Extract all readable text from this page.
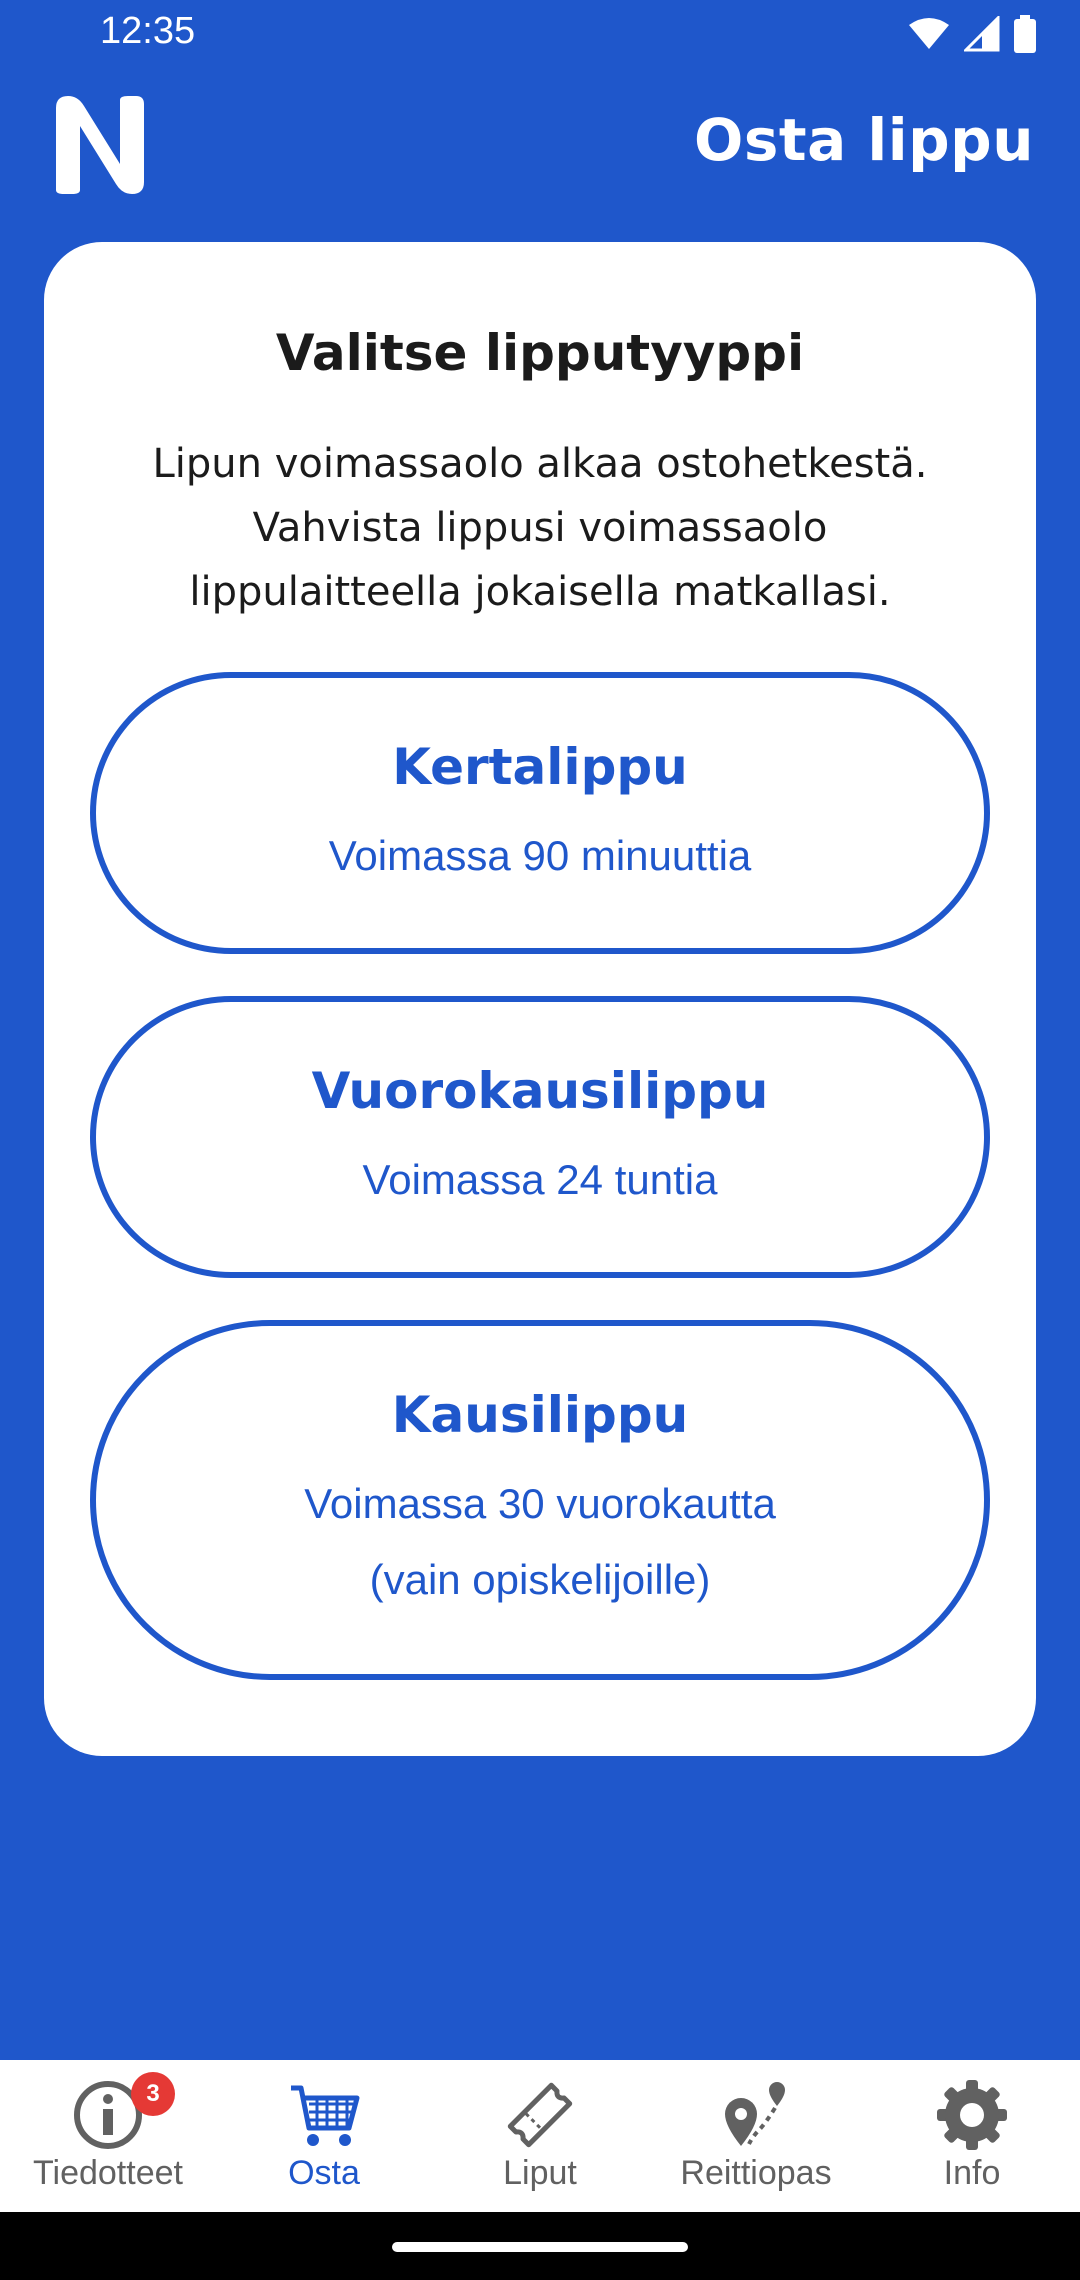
12:35
Osta lippu
Valitse lipputyyppi
Lipun voimassaolo alkaa ostohetkestä.
Vahvista lippusi voimassaolo
lippulaitteella jokaisella matkallasi.
Kertalippu
Voimassa 90 minuuttia
Vuorokausilippu
Voimassa 24 tuntia
Kausilippu
Voimassa 30 vuorokautta
(vain opiskelijoille)
3
Tiedotteet	Osta	Liput	Reittiopas	Info
